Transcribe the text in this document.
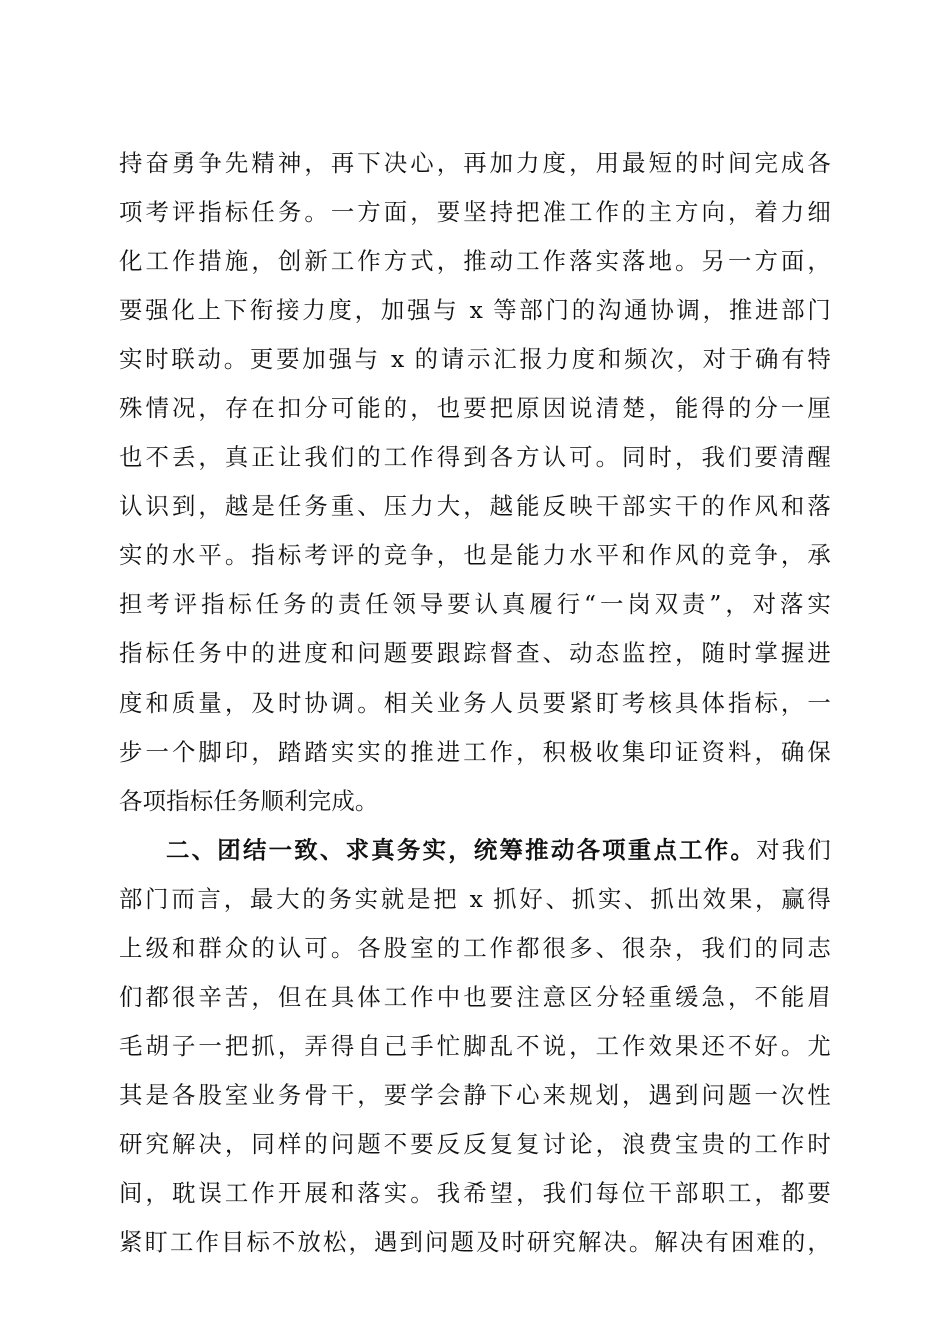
持奋勇争先精神，再下决心，再加力度，用最短的时间完成各
项考评指标任务。一方面，要坚持把准工作的主方向，着力细
化工作措施，创新工作方式，推动工作落实落地。另一方面，
要强化上下衔接力度，加强与 x 等部门的沟通协调，推进部门
实时联动。更要加强与 x 的请示汇报力度和频次，对于确有特
殊情况，存在扣分可能的，也要把原因说清楚，能得的分一厘
也不丢，真正让我们的工作得到各方认可。同时，我们要清醒
认识到，越是任务重、压力大，越能反映干部实干的作风和落
实的水平。指标考评的竞争，也是能力水平和作风的竞争，承
担考评指标任务的责任领导要认真履行“一岗双责”，对落实
指标任务中的进度和问题要跟踪督查、动态监控，随时掌握进
度和质量，及时协调。相关业务人员要紧盯考核具体指标，一
步一个脚印，踏踏实实的推进工作，积极收集印证资料，确保
各项指标任务顺利完成。
二、团结一致、求真务实，统筹推动各项重点工作。对我们
部门而言，最大的务实就是把 x 抓好、抓实、抓出效果，赢得
上级和群众的认可。各股室的工作都很多、很杂，我们的同志
们都很辛苦，但在具体工作中也要注意区分轻重缓急，不能眉
毛胡子一把抓，弄得自己手忙脚乱不说，工作效果还不好。尤
其是各股室业务骨干，要学会静下心来规划，遇到问题一次性
研究解决，同样的问题不要反反复复讨论，浪费宝贵的工作时
间，耽误工作开展和落实。我希望，我们每位干部职工，都要
紧盯工作目标不放松，遇到问题及时研究解决。解决有困难的，
